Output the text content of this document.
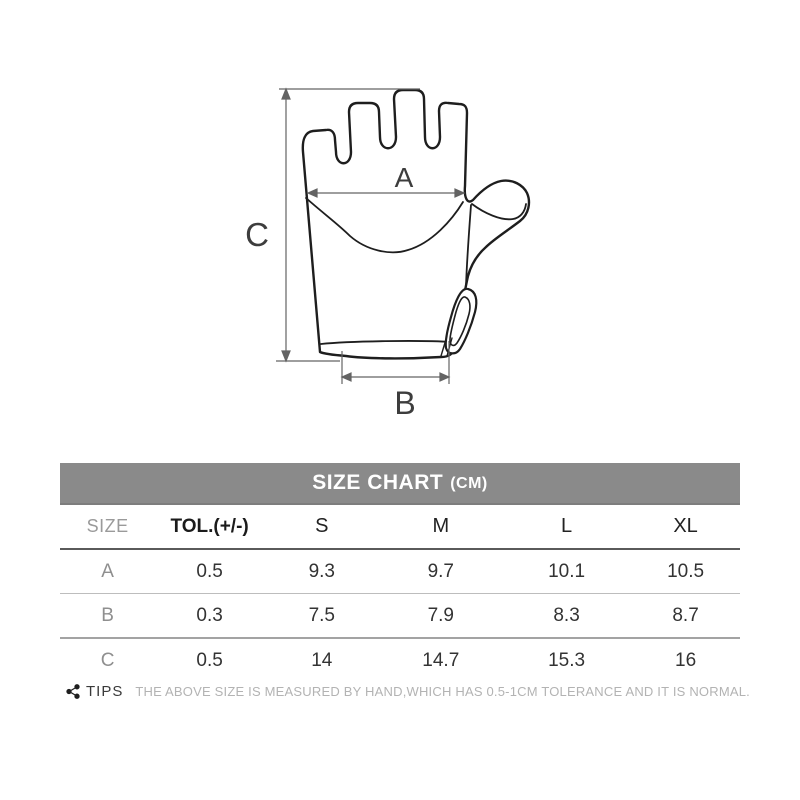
C
A
B
SIZE CHART (CM)
SIZE	TOL.(+/-)	S	M	L	XL
A	0.5	9.3	9.7	10.1	10.5
B	0.3	7.5	7.9	8.3	8.7
C	0.5	14	14.7	15.3	16
TIPS THE ABOVE SIZE IS MEASURED BY HAND,WHICH HAS 0.5-1CM TOLERANCE AND IT IS NORMAL.
